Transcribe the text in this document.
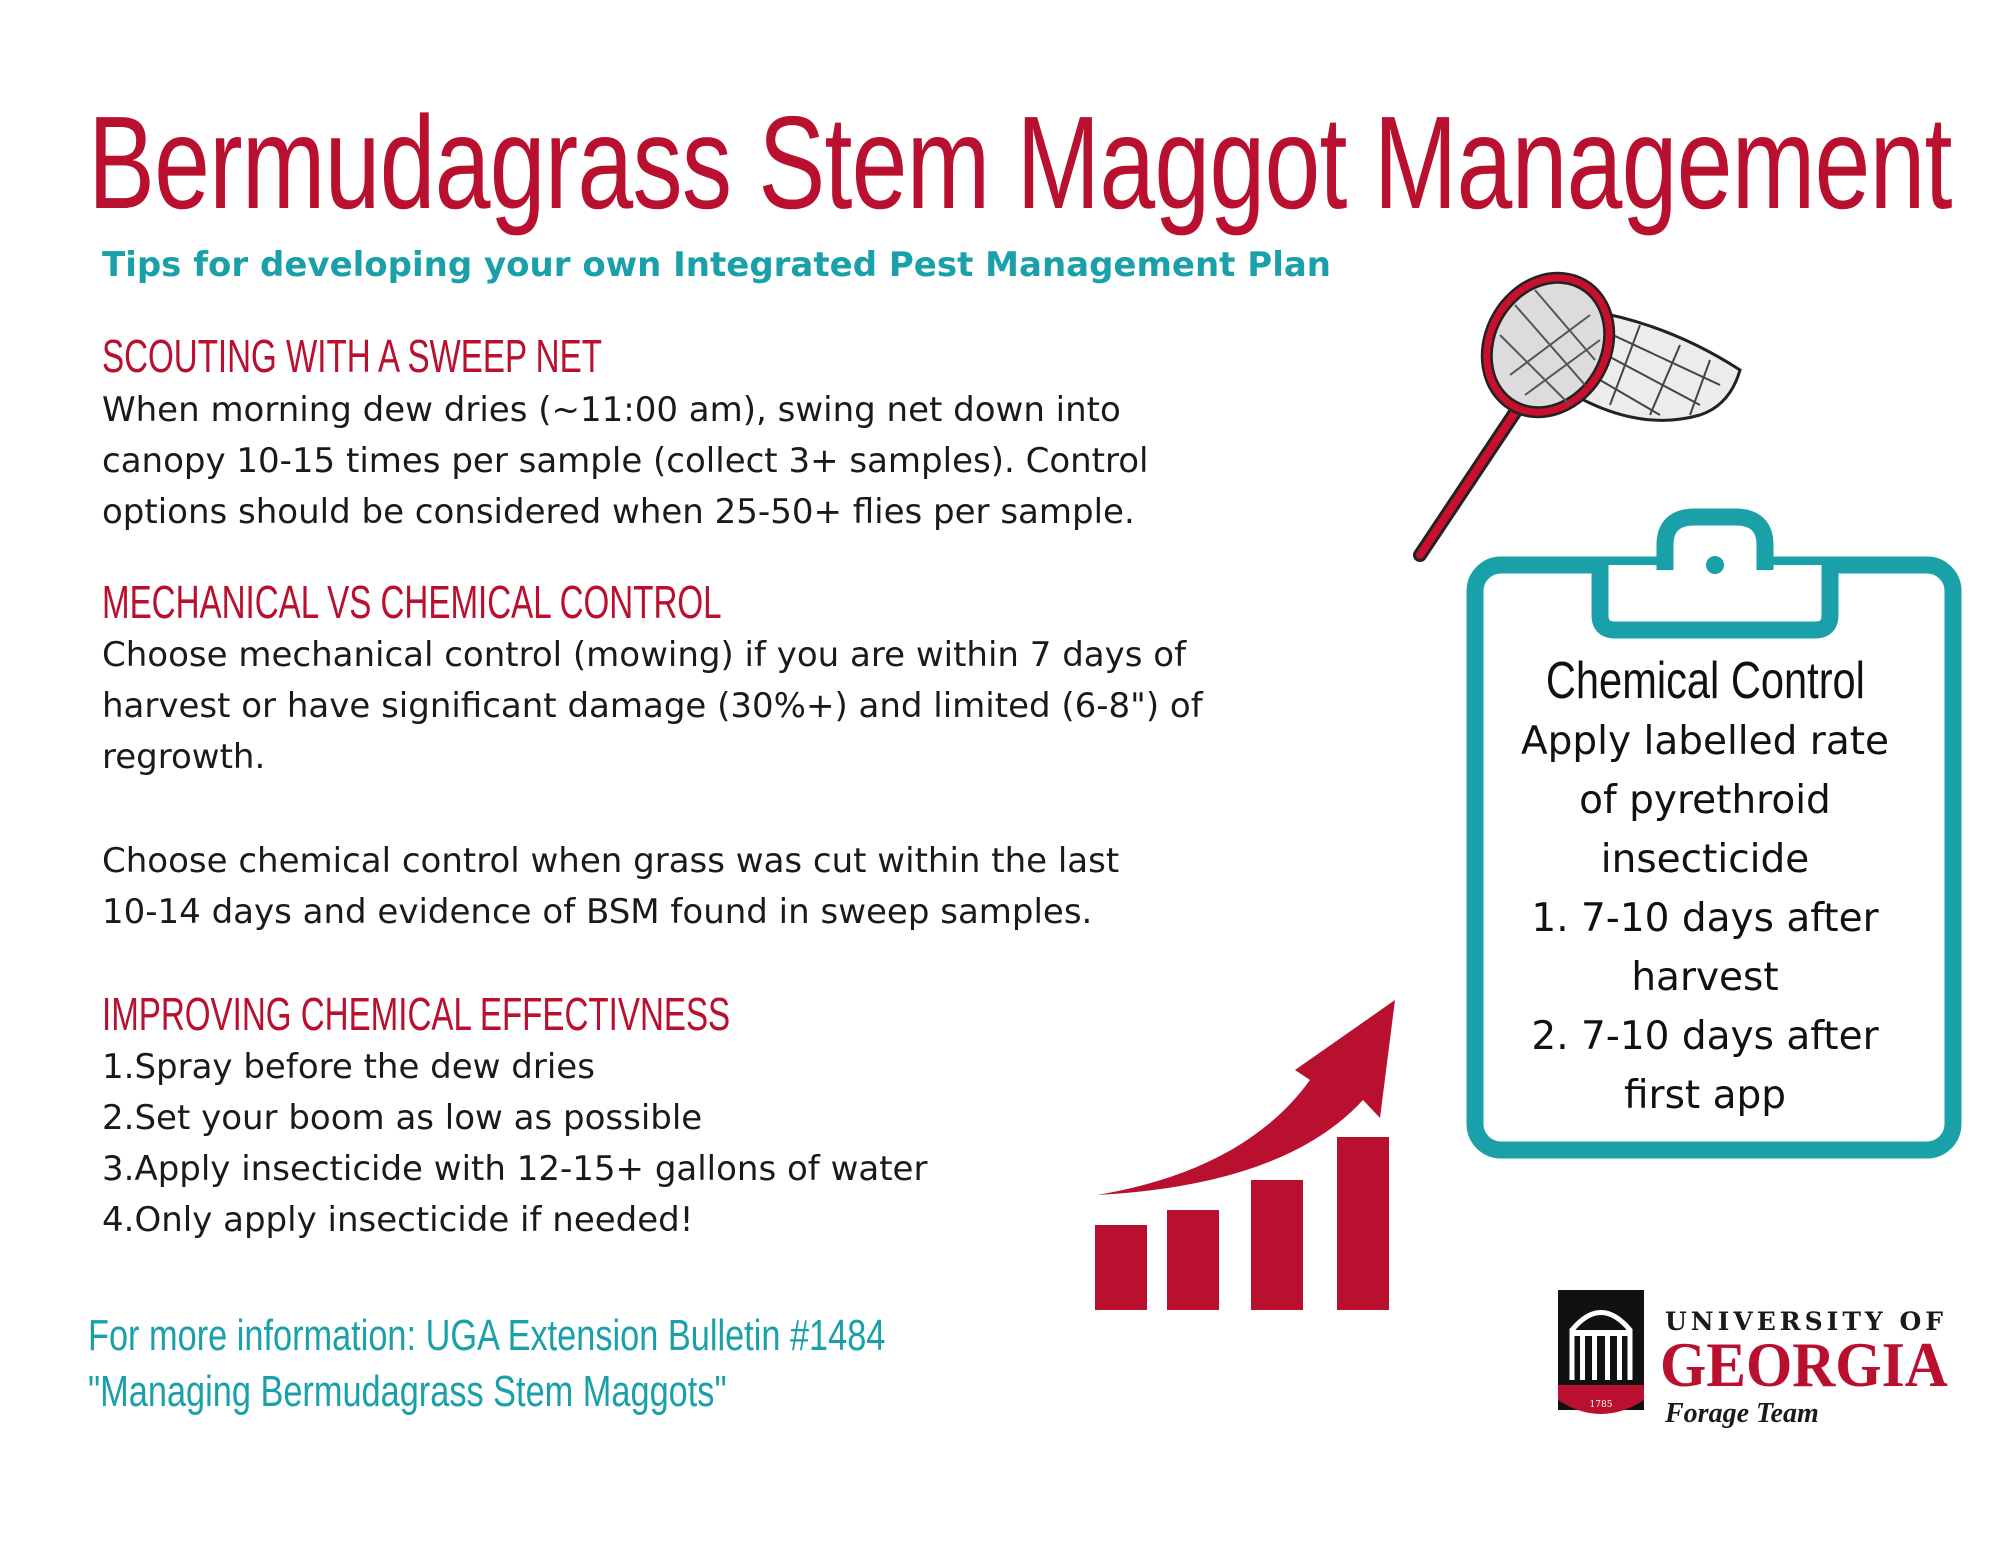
Bermudagrass Stem Maggot Management
Tips for developing your own Integrated Pest Management Plan
SCOUTING WITH A SWEEP NET
When morning dew dries (~11:00 am), swing net down into
canopy 10-15 times per sample (collect 3+ samples). Control
options should be considered when 25-50+ flies per sample.
MECHANICAL VS CHEMICAL CONTROL
Choose mechanical control (mowing) if you are within 7 days of
harvest or have significant damage (30%+) and limited (6-8") of
regrowth.
Choose chemical control when grass was cut within the last
10-14 days and evidence of BSM found in sweep samples.
IMPROVING CHEMICAL EFFECTIVNESS
1.Spray before the dew dries
2.Set your boom as low as possible
3.Apply insecticide with 12-15+ gallons of water
4.Only apply insecticide if needed!
For more information: UGA Extension Bulletin #1484
"Managing Bermudagrass Stem Maggots"
Chemical Control
Apply labelled rate
of pyrethroid
insecticide
1. 7-10 days after
harvest
2. 7-10 days after
first app
1785
UNIVERSITY OF
GEORGIA
Forage Team
